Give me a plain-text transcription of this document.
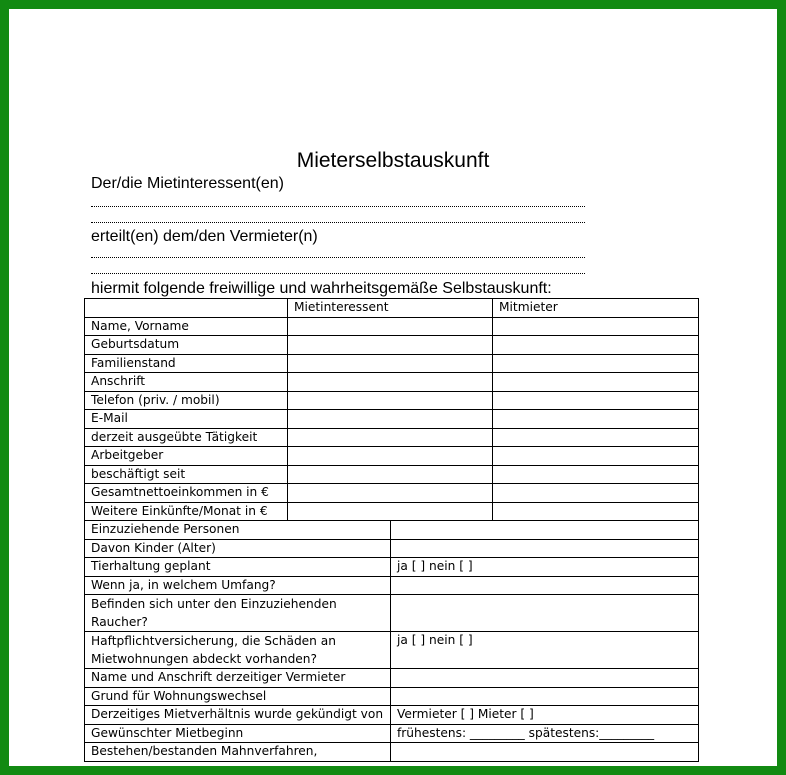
Mieterselbstauskunft
Der/die Mietinteressent(en)
erteilt(en) dem/den Vermieter(n)
hiermit folgende freiwillige und wahrheitsgemäße Selbstauskunft:
	Mietinteressent		Mitmieter
Name, Vorname			
Geburtsdatum			
Familienstand			
Anschrift			
Telefon (priv. / mobil)			
E-Mail			
derzeit ausgeübte Tätigkeit			
Arbeitgeber			
beschäftigt seit			
Gesamtnettoeinkommen in €			
Weitere Einkünfte/Monat in €			
Einzuziehende Personen			
Davon Kinder (Alter)			
Tierhaltung geplant		ja [ ] nein [ ]	
Wenn ja, in welchem Umfang?			
Befinden sich unter den Einzuziehenden Raucher?			
Haftpflichtversicherung, die Schäden an Mietwohnungen abdeckt vorhanden?		ja [ ] nein [ ]	
Name und Anschrift derzeitiger Vermieter			
Grund für Wohnungswechsel			
Derzeitiges Mietverhältnis wurde gekündigt von		Vermieter [ ] Mieter [ ]	
Gewünschter Mietbeginn		frühestens: _________ spätestens:_________	
Bestehen/bestanden Mahnverfahren,			
